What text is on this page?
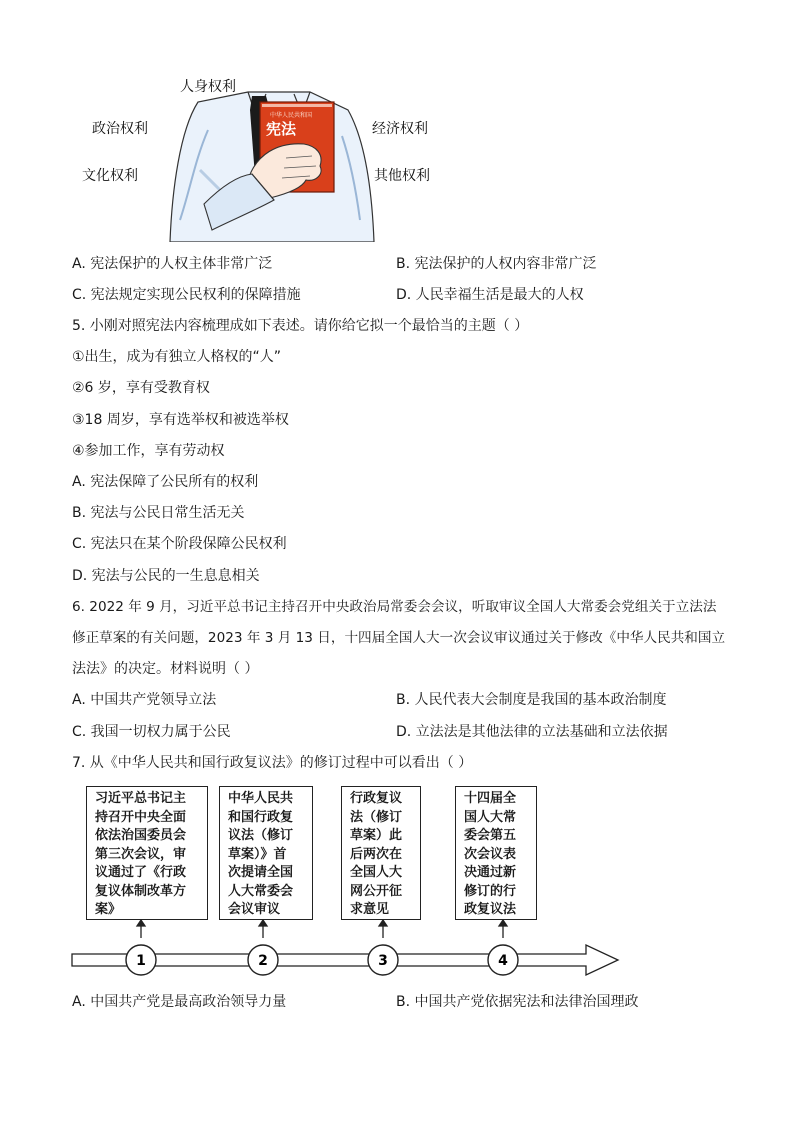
中华人民共和国
宪法
人身权利
政治权利
文化权利
经济权利
其他权利
A. 宪法保护的人权主体非常广泛	B. 宪法保护的人权内容非常广泛
C. 宪法规定实现公民权利的保障措施	D. 人民幸福生活是最大的人权
5. 小刚对照宪法内容梳理成如下表述。请你给它拟一个最恰当的主题（ ）
①出生，成为有独立人格权的“人”
②6 岁，享有受教育权
③18 周岁，享有选举权和被选举权
④参加工作，享有劳动权
A. 宪法保障了公民所有的权利
B. 宪法与公民日常生活无关
C. 宪法只在某个阶段保障公民权利
D. 宪法与公民的一生息息相关
6. 2022 年 9 月，习近平总书记主持召开中央政治局常委会会议，听取审议全国人大常委会党组关于立法法
修正草案的有关问题，2023 年 3 月 13 日，十四届全国人大一次会议审议通过关于修改《中华人民共和国立
法法》的决定。材料说明（ ）
A. 中国共产党领导立法	B. 人民代表大会制度是我国的基本政治制度
C. 我国一切权力属于公民	D. 立法法是其他法律的立法基础和立法依据
7. 从《中华人民共和国行政复议法》的修订过程中可以看出（ ）
习近平总书记主
持召开中央全面
依法治国委员会
第三次会议，审
议通过了《行政
复议体制改革方
案》
中华人民共
和国行政复
议法（修订
草案）》首
次提请全国
人大常委会
会议审议
行政复议
法（修订
草案）此
后两次在
全国人大
网公开征
求意见
十四届全
国人大常
委会第五
次会议表
决通过新
修订的行
政复议法
1	2	3	4
A. 中国共产党是最高政治领导力量	B. 中国共产党依据宪法和法律治国理政
